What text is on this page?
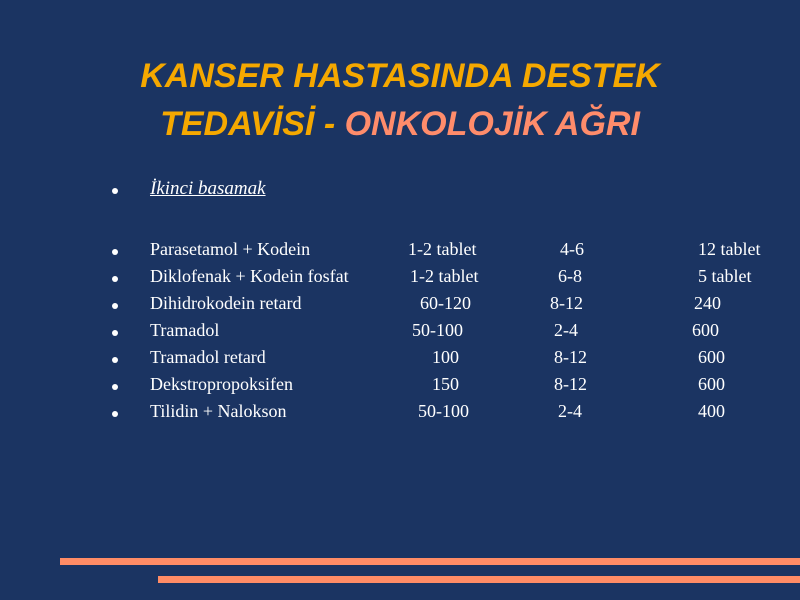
KANSER HASTASINDA DESTEK
TEDAVİSİ - ONKOLOJİK AĞRI
İkinci basamak
Parasetamol + Kodein	1-2 tablet	4-6	12 tablet
Diklofenak + Kodein fosfat	1-2 tablet	6-8	5 tablet
Dihidrokodein retard	60-120	8-12	240
Tramadol	50-100	2-4	600
Tramadol retard	100	8-12	600
Dekstropropoksifen	150	8-12	600
Tilidin + Nalokson	50-100	2-4	400
